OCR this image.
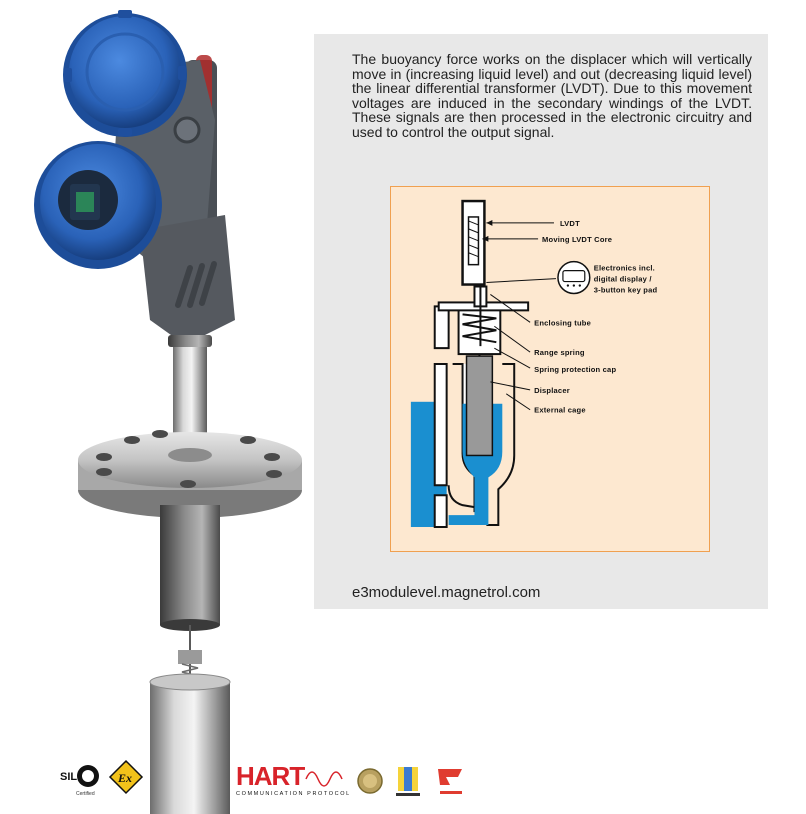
The buoyancy force works on the displacer which will vertically move in (increasing liquid level) and out (decreasing liquid level) the linear differential transformer (LVDT). Due to this movement voltages are induced in the secondary windings of the LVDT. These signals are then processed in the electronic circuitry and used to control the output signal.

LVDT
Moving LVDT Core
Electronics incl.
digital display /
3-button key pad
Enclosing tube
Range spring
Spring protection cap
Displacer
External cage
e3modulevel.magnetrol.com
SIL
Certified
Ex	HART
COMMUNICATION PROTOCOL
